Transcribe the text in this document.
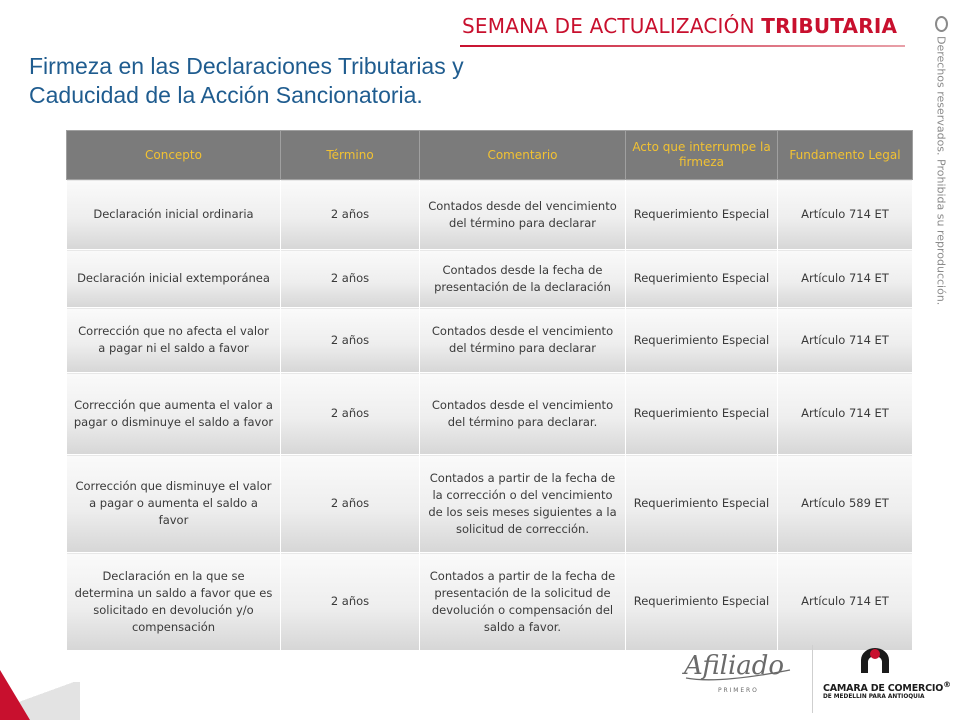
SEMANA DE ACTUALIZACIÓN TRIBUTARIA
Firmeza en las Declaraciones Tributarias y
Caducidad de la Acción Sancionatoria.	Derechos reservados. Prohibida su reproducción.
Concepto	Término	Comentario	Acto que interrumpe la firmeza	Fundamento Legal
Declaración inicial ordinaria	2 años	Contados desde del vencimiento del término para declarar	Requerimiento Especial	Artículo 714 ET
Declaración inicial extemporánea	2 años	Contados desde la fecha de presentación de la declaración	Requerimiento Especial	Artículo 714 ET
Corrección que no afecta el valor a pagar ni el saldo a favor	2 años	Contados desde el vencimiento del término para declarar	Requerimiento Especial	Artículo 714 ET
Corrección que aumenta el valor a pagar o disminuye el saldo a favor	2 años	Contados desde el vencimiento del término para declarar.	Requerimiento Especial	Artículo 714 ET
Corrección que disminuye el valor a pagar o aumenta el saldo a favor	2 años	Contados a partir de la fecha de la corrección o del vencimiento de los seis meses siguientes a la solicitud de corrección.	Requerimiento Especial	Artículo 589 ET
Declaración en la que se determina un saldo a favor que es solicitado en devolución y/o compensación	2 años	Contados a partir de la fecha de presentación de la solicitud de devolución o compensación del saldo a favor.	Requerimiento Especial	Artículo 714 ET
Afiliado
P R I M E R O	CAMARA DE COMERCIO®
DE MEDELLIN PARA ANTIOQUIA
